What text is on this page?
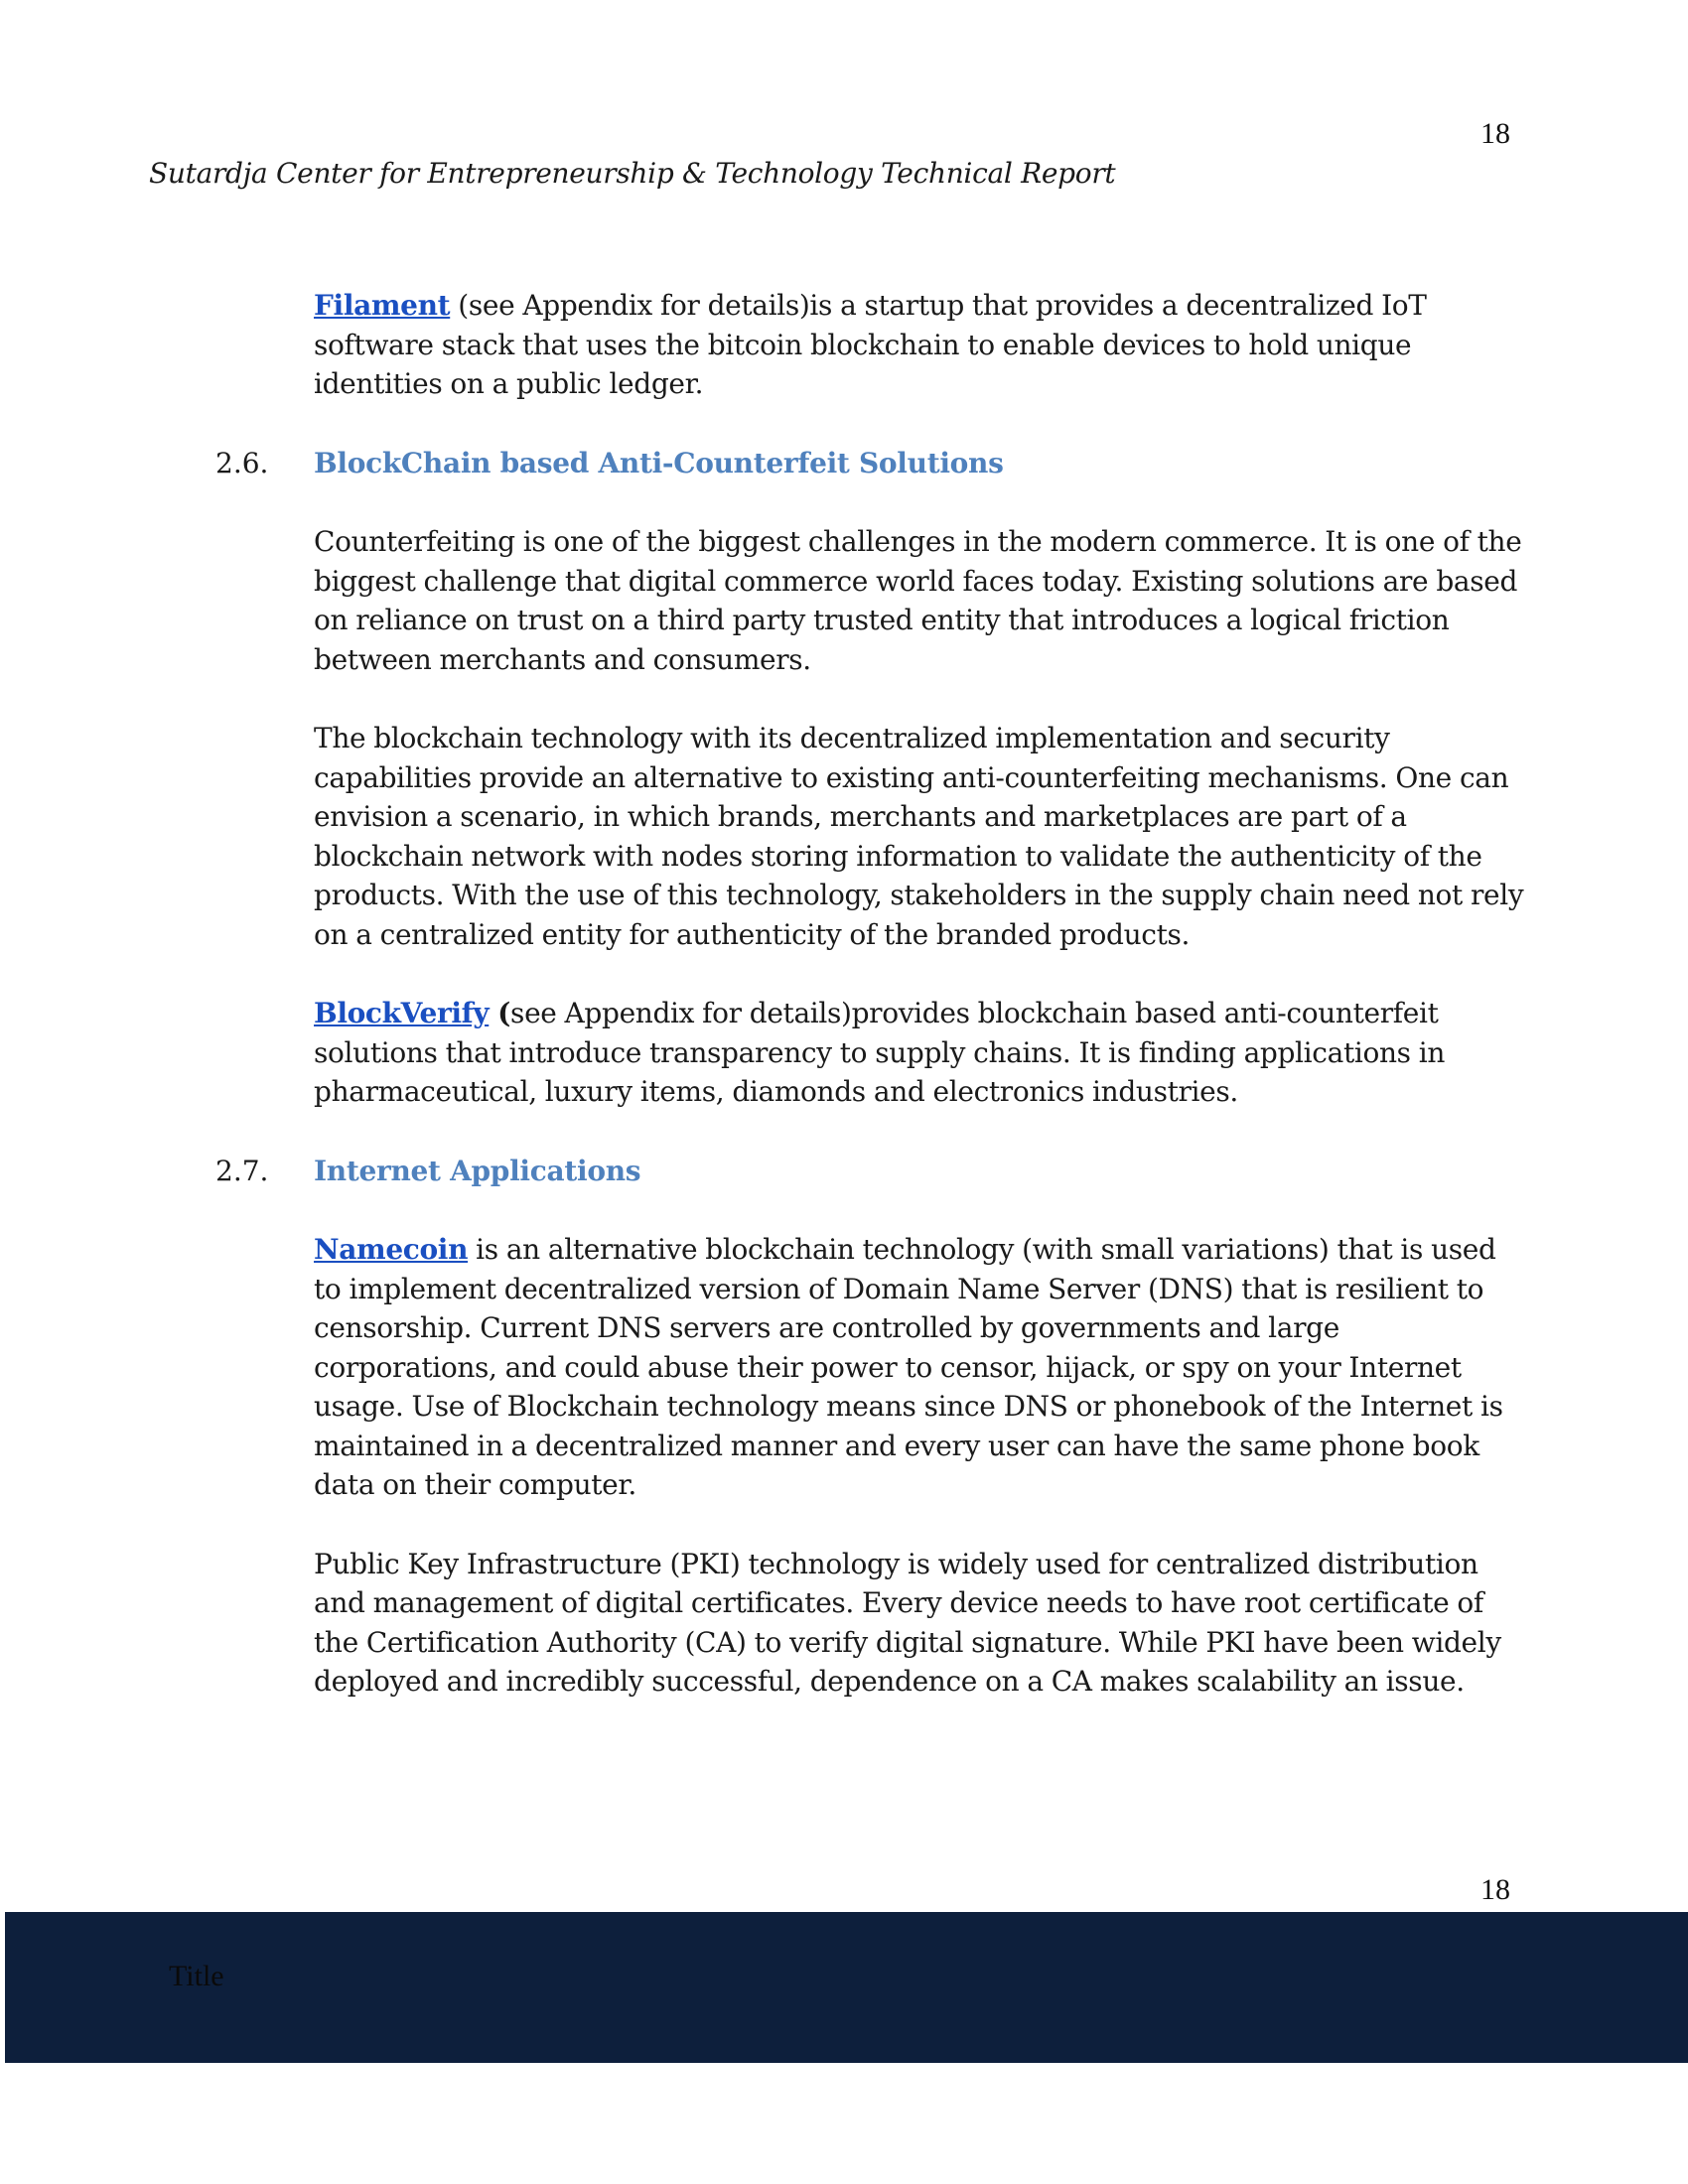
18
Sutardja Center for Entrepreneurship & Technology Technical Report

Filament (see Appendix for details)is a startup that provides a decentralized IoT software stack that uses the bitcoin blockchain to enable devices to hold unique identities on a public ledger.

2.6. BlockChain based Anti-Counterfeit Solutions

Counterfeiting is one of the biggest challenges in the modern commerce. It is one of the biggest challenge that digital commerce world faces today. Existing solutions are based on reliance on trust on a third party trusted entity that introduces a logical friction between merchants and consumers.

The blockchain technology with its decentralized implementation and security capabilities provide an alternative to existing anti-counterfeiting mechanisms. One can envision a scenario, in which brands, merchants and marketplaces are part of a blockchain network with nodes storing information to validate the authenticity of the products. With the use of this technology, stakeholders in the supply chain need not rely on a centralized entity for authenticity of the branded products.

BlockVerify (see Appendix for details)provides blockchain based anti-counterfeit solutions that introduce transparency to supply chains. It is finding applications in pharmaceutical, luxury items, diamonds and electronics industries.

2.7. Internet Applications

Namecoin is an alternative blockchain technology (with small variations) that is used to implement decentralized version of Domain Name Server (DNS) that is resilient to censorship. Current DNS servers are controlled by governments and large corporations, and could abuse their power to censor, hijack, or spy on your Internet usage. Use of Blockchain technology means since DNS or phonebook of the Internet is maintained in a decentralized manner and every user can have the same phone book data on their computer.

Public Key Infrastructure (PKI) technology is widely used for centralized distribution and management of digital certificates. Every device needs to have root certificate of the Certification Authority (CA) to verify digital signature. While PKI have been widely deployed and incredibly successful, dependence on a CA makes scalability an issue.

18
Title
